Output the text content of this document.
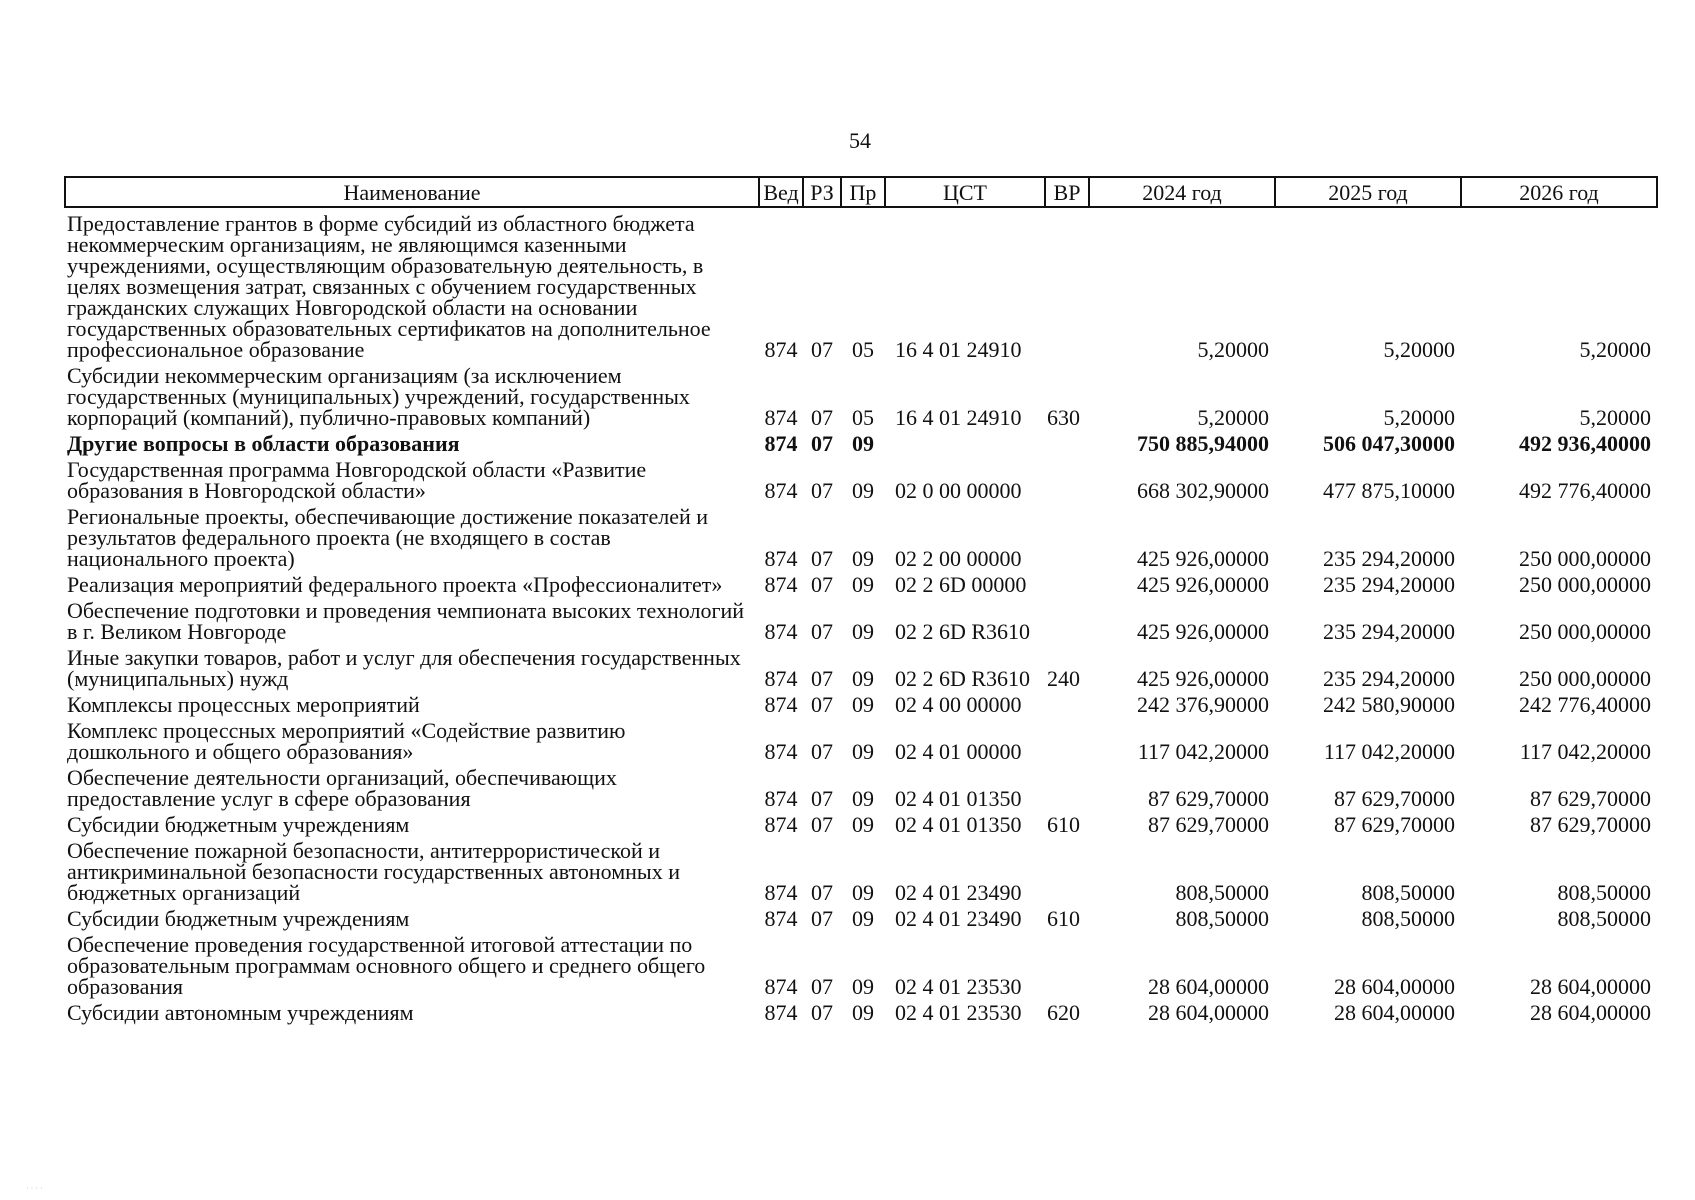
54
Наименование	Вед	РЗ	Пр	ЦСТ	ВР	2024 год	2025 год	2026 год
Предоставление грантов в форме субсидий из областного бюджета некоммерческим организациям, не являющимся казенными учреждениями, осуществляющим образовательную деятельность, в целях возмещения затрат, связанных с обучением государственных гражданских служащих Новгородской области на основании государственных образовательных сертификатов на дополнительное профессиональное образование	874	07	05	16 4 01 24910		5,20000	5,20000	5,20000
Субсидии некоммерческим организациям (за исключением государственных (муниципальных) учреждений, государственных корпораций (компаний), публично-правовых компаний)	874	07	05	16 4 01 24910	630	5,20000	5,20000	5,20000
Другие вопросы в области образования	874	07	09			750 885,94000	506 047,30000	492 936,40000
Государственная программа Новгородской области «Развитие образования в Новгородской области»	874	07	09	02 0 00 00000		668 302,90000	477 875,10000	492 776,40000
Региональные проекты, обеспечивающие достижение показателей и результатов федерального проекта (не входящего в состав национального проекта)	874	07	09	02 2 00 00000		425 926,00000	235 294,20000	250 000,00000
Реализация мероприятий федерального проекта «Профессионалитет»	874	07	09	02 2 6D 00000		425 926,00000	235 294,20000	250 000,00000
Обеспечение подготовки и проведения чемпионата высоких технологий в г. Великом Новгороде	874	07	09	02 2 6D R3610		425 926,00000	235 294,20000	250 000,00000
Иные закупки товаров, работ и услуг для обеспечения государственных (муниципальных) нужд	874	07	09	02 2 6D R3610	240	425 926,00000	235 294,20000	250 000,00000
Комплексы процессных мероприятий	874	07	09	02 4 00 00000		242 376,90000	242 580,90000	242 776,40000
Комплекс процессных мероприятий «Содействие развитию дошкольного и общего образования»	874	07	09	02 4 01 00000		117 042,20000	117 042,20000	117 042,20000
Обеспечение деятельности организаций, обеспечивающих предоставление услуг в сфере образования	874	07	09	02 4 01 01350		87 629,70000	87 629,70000	87 629,70000
Субсидии бюджетным учреждениям	874	07	09	02 4 01 01350	610	87 629,70000	87 629,70000	87 629,70000
Обеспечение пожарной безопасности, антитеррористической и антикриминальной безопасности государственных автономных и бюджетных организаций	874	07	09	02 4 01 23490		808,50000	808,50000	808,50000
Субсидии бюджетным учреждениям	874	07	09	02 4 01 23490	610	808,50000	808,50000	808,50000
Обеспечение проведения государственной итоговой аттестации по образовательным программам основного общего и среднего общего образования	874	07	09	02 4 01 23530		28 604,00000	28 604,00000	28 604,00000
Субсидии автономным учреждениям	874	07	09	02 4 01 23530	620	28 604,00000	28 604,00000	28 604,00000
· · · ·
